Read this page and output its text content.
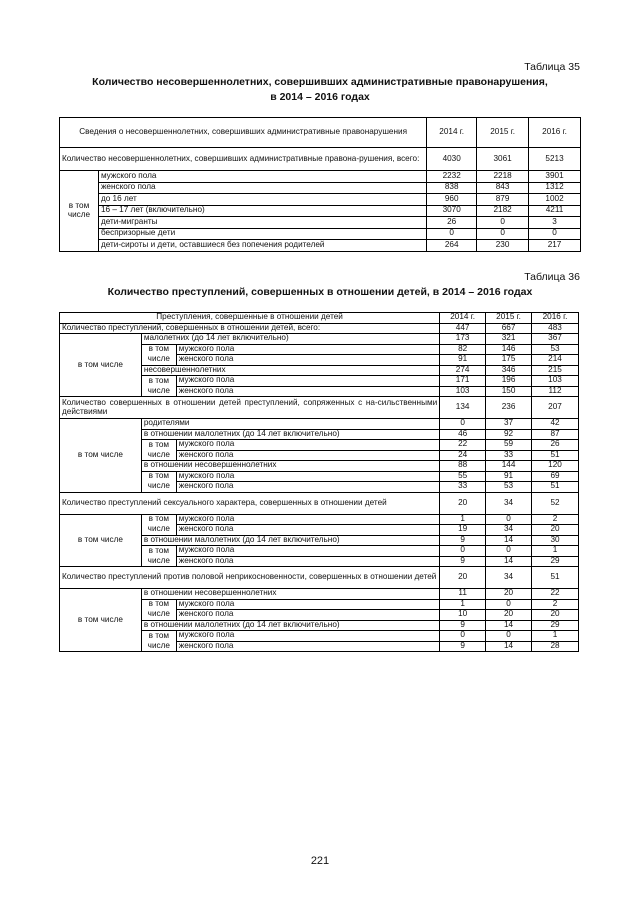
Таблица 35
Количество несовершеннолетних, совершивших административные правонарушения,
в 2014 – 2016 годах
Сведения о несовершеннолетних, совершивших административные правонарушения		2014 г.	2015 г.	2016 г.
Количество несовершеннолетних, совершивших административные правона-рушения, всего:		4030	3061	5213
в том числе	мужского пола	2232	2218	3901
	женского пола	838	843	1312
	до 16 лет	960	879	1002
	16 – 17 лет (включительно)	3070	2182	4211
	дети-мигранты	26	0	3
	беспризорные дети	0	0	0
	дети-сироты и дети, оставшиеся без попечения родителей	264	230	217
Таблица 36
Количество преступлений, совершенных в отношении детей, в 2014 – 2016 годах
Преступления, совершенные в отношении детей			2014 г.	2015 г.	2016 г.
Количество преступлений, совершенных в отношении детей, всего:			447	667	483
в том числе	малолетних (до 14 лет включительно)		173	321	367
	в том	мужского пола	82	146	53
	числе	женского пола	91	175	214
	несовершеннолетних		274	346	215
	в том	мужского пола	171	196	103
	числе	женского пола	103	150	112
Количество совершенных в отношении детей преступлений, сопряженных с на-сильственными действиями			134	236	207
в том числе	родителями		0	37	42
	в отношении малолетних (до 14 лет включительно)		46	92	87
	в том	мужского пола	22	59	26
	числе	женского пола	24	33	51
	в отношении несовершеннолетних		88	144	120
	в том	мужского пола	55	91	69
	числе	женского пола	33	53	51
Количество преступлений сексуального характера, совершенных в отношении детей			20	34	52
в том числе	в том	мужского пола	1	0	2
	числе	женского пола	19	34	20
	в отношении малолетних (до 14 лет включительно)		9	14	30
	в том	мужского пола	0	0	1
	числе	женского пола	9	14	29
Количество преступлений против половой неприкосновенности, совершенных в отношении детей			20	34	51
в том числе	в отношении несовершеннолетних		11	20	22
	в том	мужского пола	1	0	2
	числе	женского пола	10	20	20
	в отношении малолетних (до 14 лет включительно)		9	14	29
	в том	мужского пола	0	0	1
	числе	женского пола	9	14	28
221
